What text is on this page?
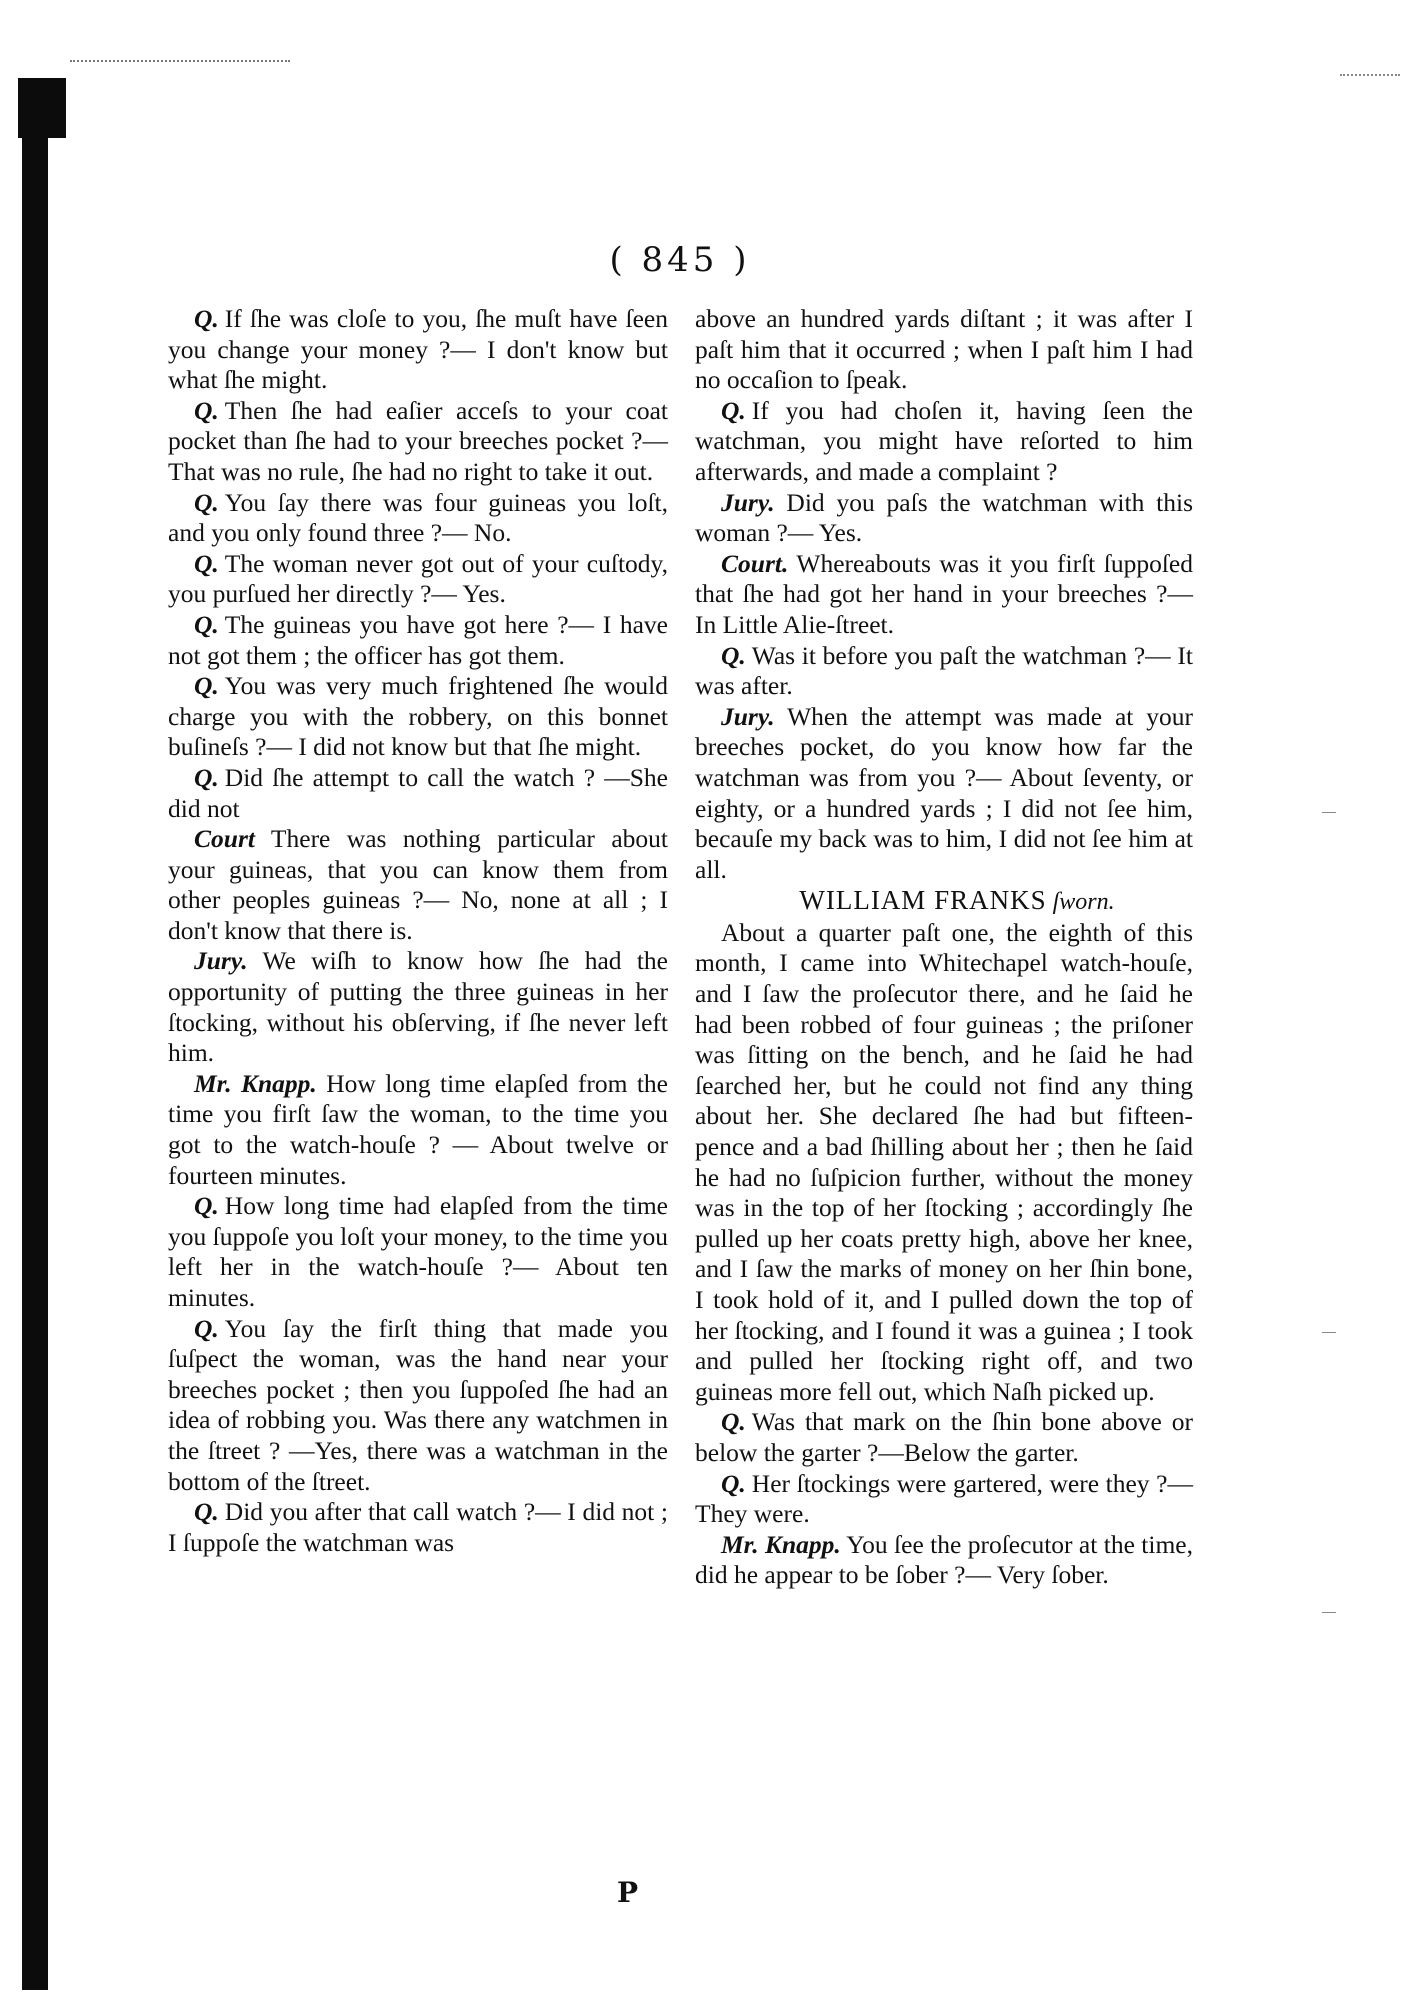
( 845 )

Q. If ſhe was cloſe to you, ſhe muſt have ſeen you change your money ?— I don't know but what ſhe might.

Q. Then ſhe had eaſier acceſs to your coat pocket than ſhe had to your breeches pocket ?— That was no rule, ſhe had no right to take it out.

Q. You ſay there was four guineas you loſt, and you only found three ?— No.

Q. The woman never got out of your cuſtody, you purſued her directly ?— Yes.

Q. The guineas you have got here ?— I have not got them ; the officer has got them.

Q. You was very much frightened ſhe would charge you with the robbery, on this bonnet buſineſs ?— I did not know but that ſhe might.

Q. Did ſhe attempt to call the watch ? —She did not

Court There was nothing particular about your guineas, that you can know them from other peoples guineas ?— No, none at all ; I don't know that there is.

Jury. We wiſh to know how ſhe had the opportunity of putting the three guineas in her ſtocking, without his obſerving, if ſhe never left him.

Mr. Knapp. How long time elapſed from the time you firſt ſaw the woman, to the time you got to the watch-houſe ? — About twelve or fourteen minutes.

Q. How long time had elapſed from the time you ſuppoſe you loſt your money, to the time you left her in the watch-houſe ?— About ten minutes.

Q. You ſay the firſt thing that made you ſuſpect the woman, was the hand near your breeches pocket ; then you ſuppoſed ſhe had an idea of robbing you. Was there any watchmen in the ſtreet ? —Yes, there was a watchman in the bottom of the ſtreet.

Q. Did you after that call watch ?— I did not ; I ſuppoſe the watchman was

above an hundred yards diſtant ; it was after I paſt him that it occurred ; when I paſt him I had no occaſion to ſpeak.

Q. If you had choſen it, having ſeen the watchman, you might have reſorted to him afterwards, and made a complaint ?

Jury. Did you paſs the watchman with this woman ?— Yes.

Court. Whereabouts was it you firſt ſuppoſed that ſhe had got her hand in your breeches ?— In Little Alie-ſtreet.

Q. Was it before you paſt the watchman ?— It was after.

Jury. When the attempt was made at your breeches pocket, do you know how far the watchman was from you ?— About ſeventy, or eighty, or a hundred yards ; I did not ſee him, becauſe my back was to him, I did not ſee him at all.

WILLIAM FRANKS ſworn.

About a quarter paſt one, the eighth of this month, I came into Whitechapel watch-houſe, and I ſaw the proſecutor there, and he ſaid he had been robbed of four guineas ; the priſoner was ſitting on the bench, and he ſaid he had ſearched her, but he could not find any thing about her. She declared ſhe had but fifteen-pence and a bad ſhilling about her ; then he ſaid he had no ſuſpicion further, without the money was in the top of her ſtocking ; accordingly ſhe pulled up her coats pretty high, above her knee, and I ſaw the marks of money on her ſhin bone, I took hold of it, and I pulled down the top of her ſtocking, and I found it was a guinea ; I took and pulled her ſtocking right off, and two guineas more fell out, which Naſh picked up.

Q. Was that mark on the ſhin bone above or below the garter ?—Below the garter.

Q. Her ſtockings were gartered, were they ?—They were.

Mr. Knapp. You ſee the proſecutor at the time, did he appear to be ſober ?— Very ſober.

P
